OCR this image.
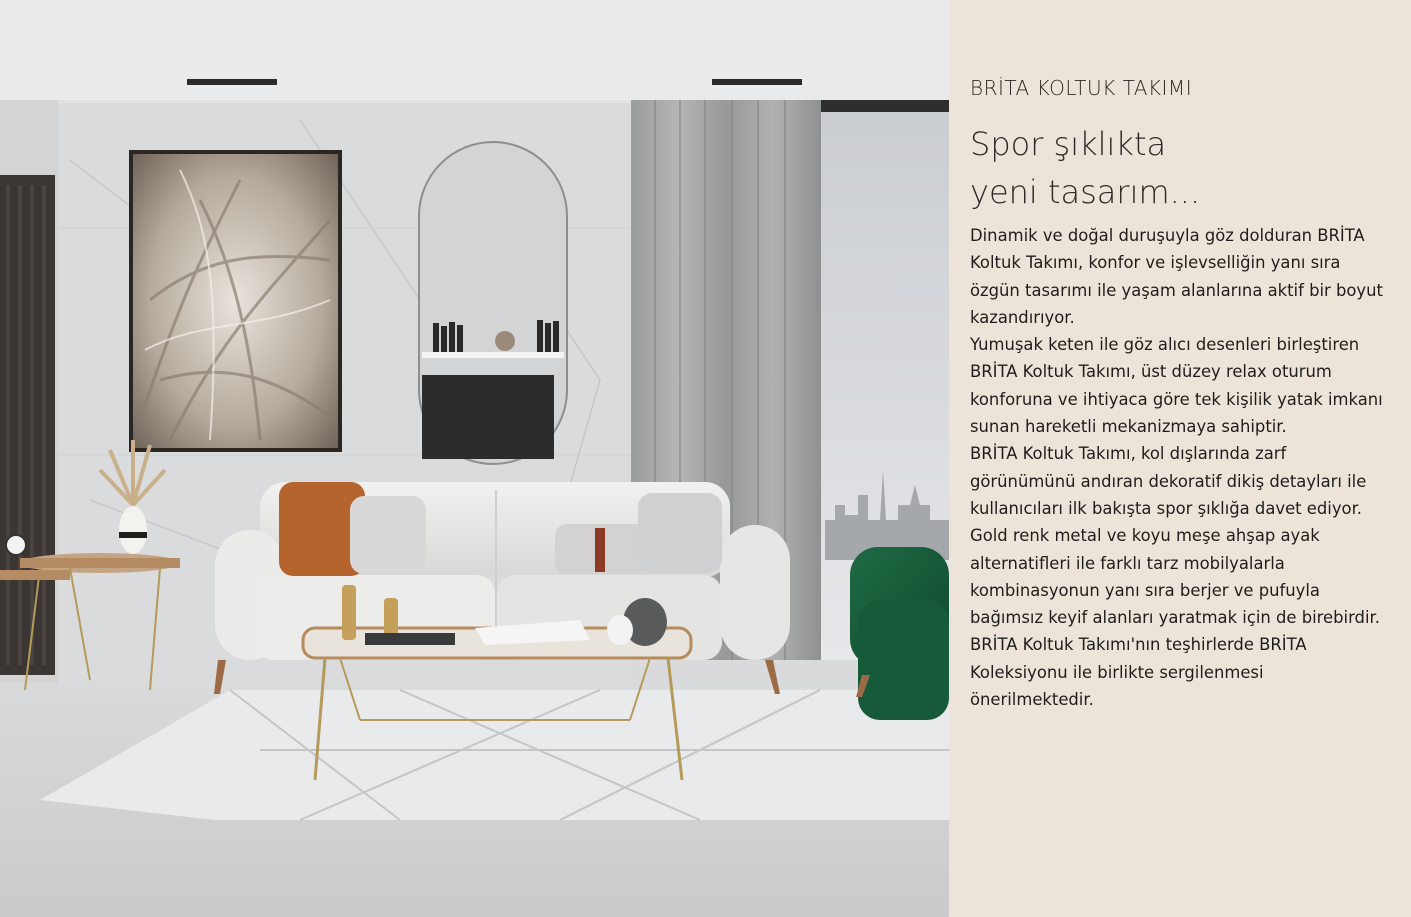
BRİTA KOLTUK TAKIMI
Spor şıklıkta
yeni tasarım...

Dinamik ve doğal duruşuyla göz dolduran BRİTA Koltuk Takımı, konfor ve işlevselliğin yanı sıra özgün tasarımı ile yaşam alanlarına aktif bir boyut kazandırıyor.

Yumuşak keten ile göz alıcı desenleri birleştiren BRİTA Koltuk Takımı, üst düzey relax oturum konforuna ve ihtiyaca göre tek kişilik yatak imkanı sunan hareketli mekanizmaya sahiptir.

BRİTA Koltuk Takımı, kol dışlarında zarf görünümünü andıran dekoratif dikiş detayları ile kullanıcıları ilk bakışta spor şıklığa davet ediyor. Gold renk metal ve koyu meşe ahşap ayak alternatifleri ile farklı tarz mobilyalarla kombinasyonun yanı sıra berjer ve pufuyla bağımsız keyif alanları yaratmak için de birebirdir.

BRİTA Koltuk Takımı'nın teşhirlerde BRİTA Koleksiyonu ile birlikte sergilenmesi önerilmektedir.
